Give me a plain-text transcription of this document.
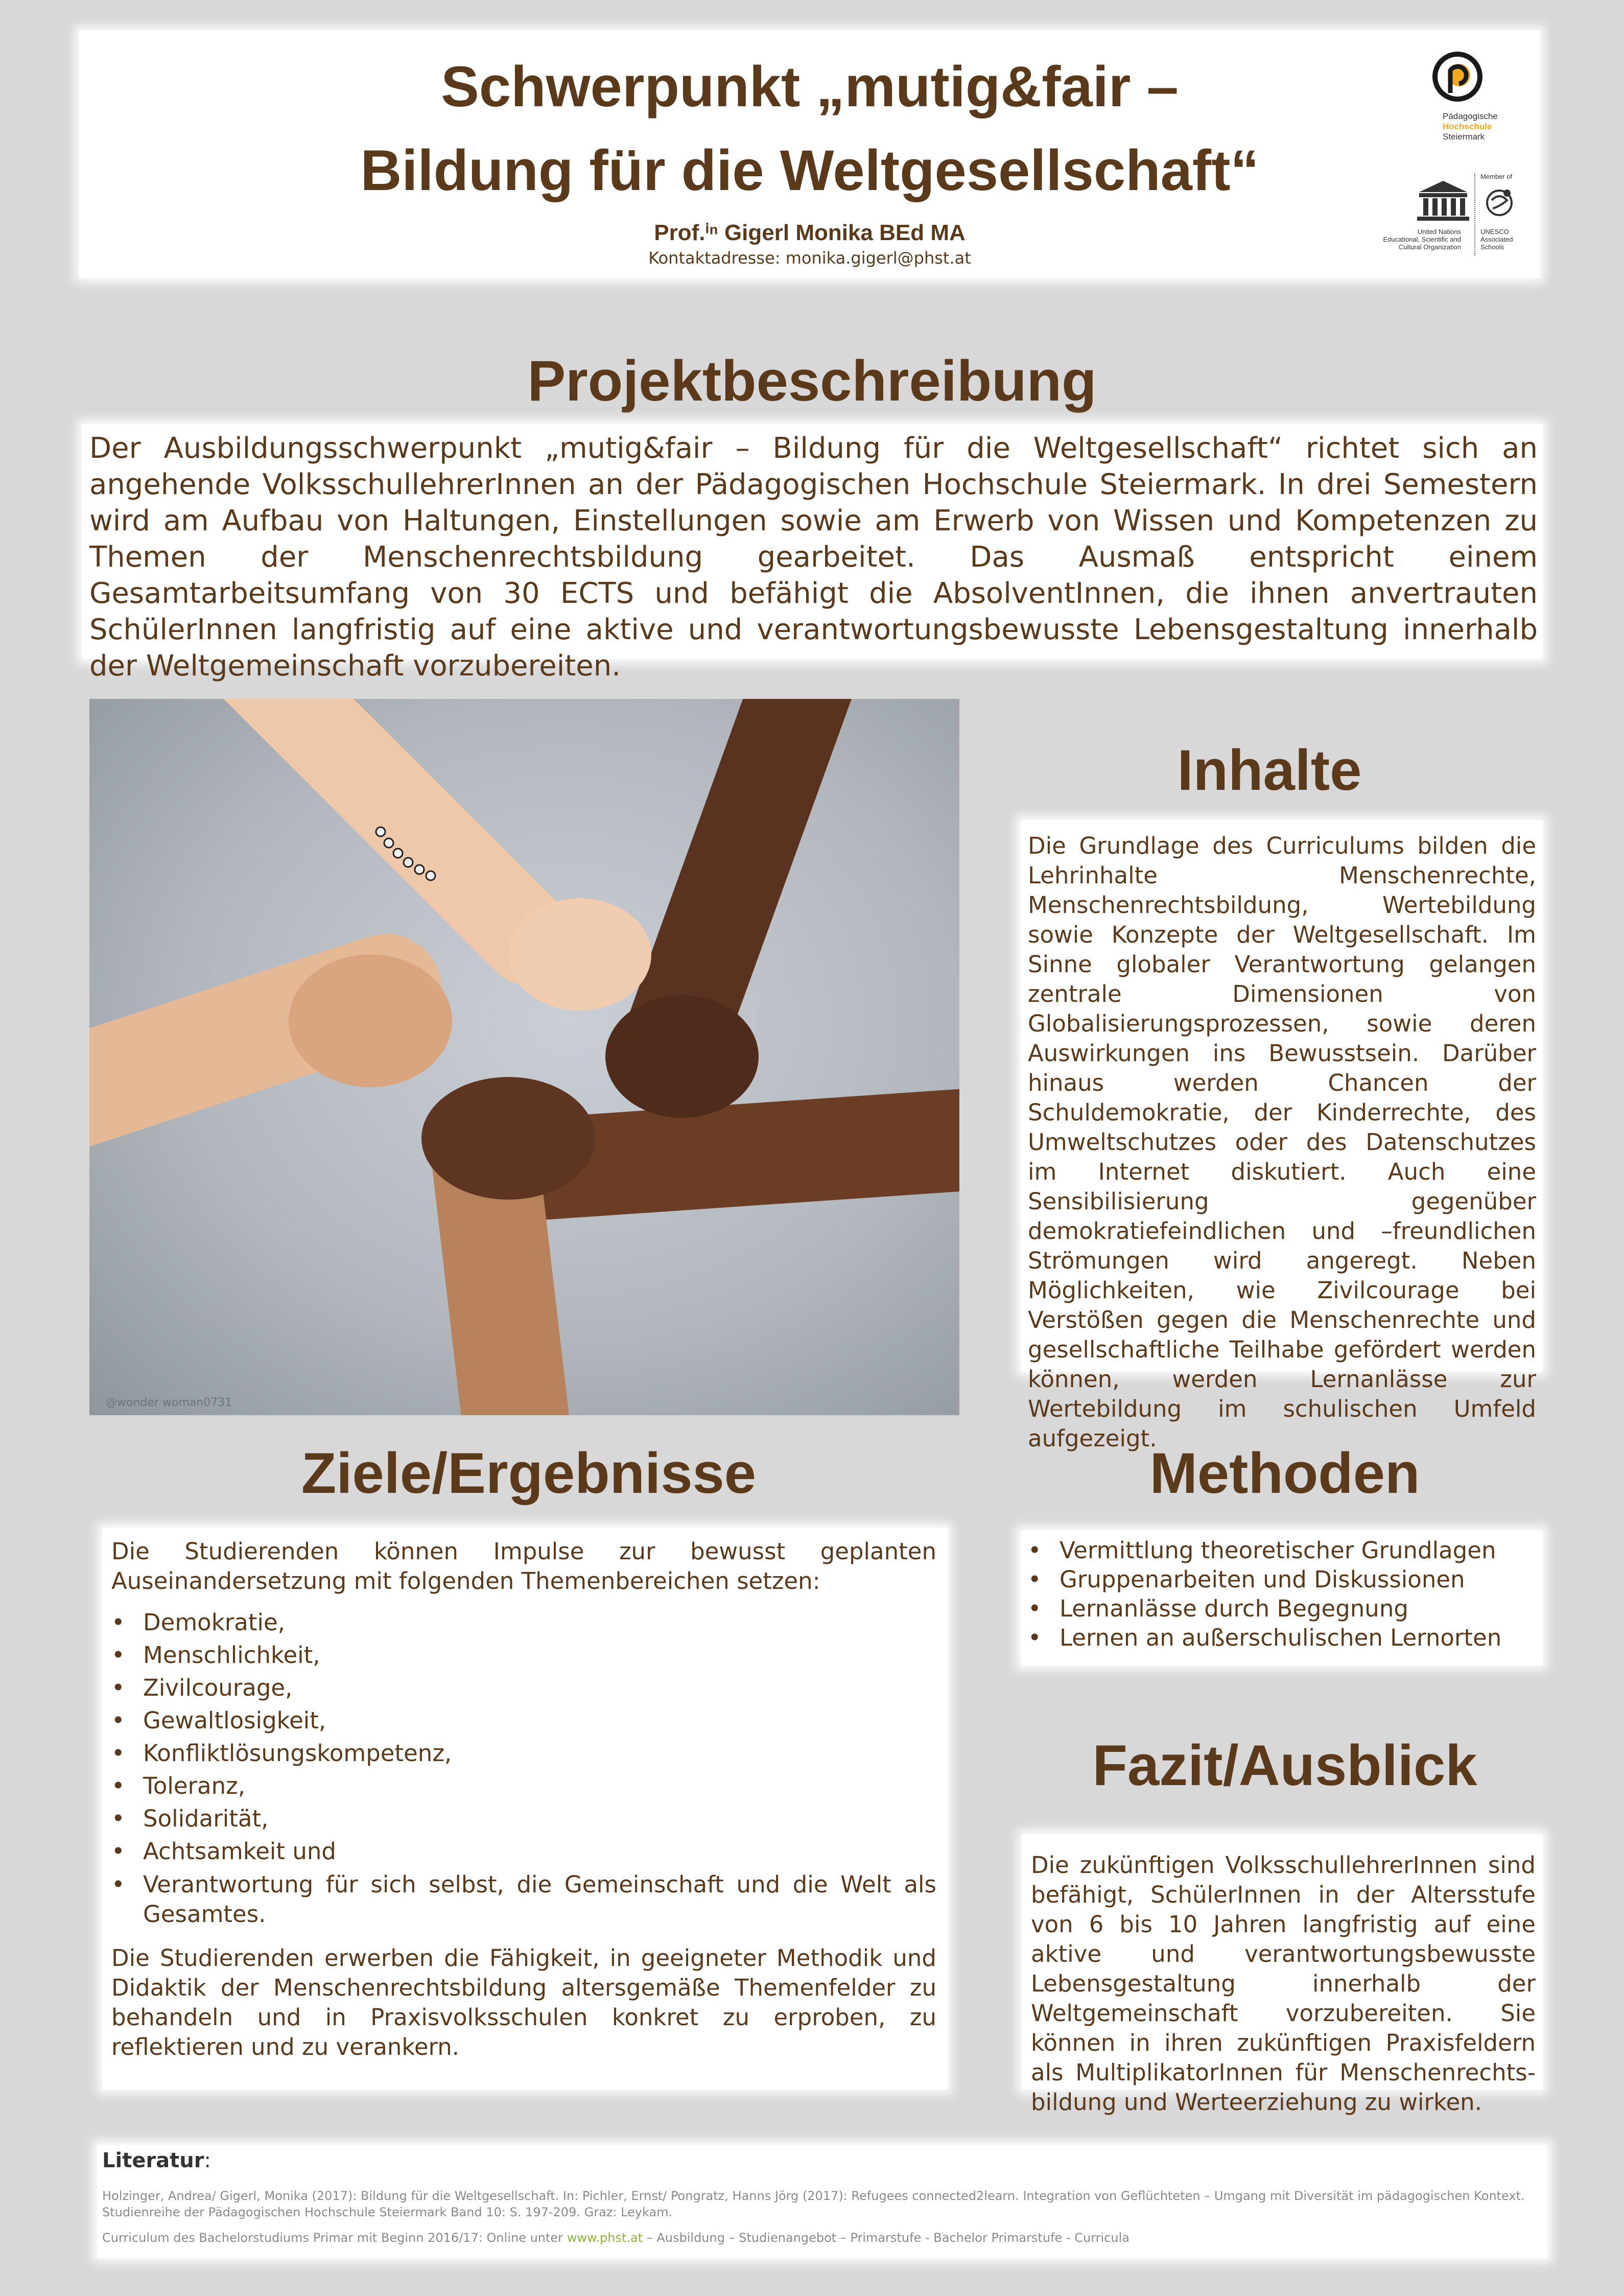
Schwerpunkt „mutig&fair –
Bildung für die Weltgesellschaft“
Prof.ⁱⁿ Gigerl Monika BEd MA
Kontaktadresse: monika.gigerl@phst.at
Pädagogische
Hochschule
Steiermark
United Nations
Educational, Scientific and
Cultural Organization
Member of
UNESCO
Associated
Schools
Projektbeschreibung
Der Ausbildungsschwerpunkt „mutig&fair – Bildung für die Weltgesellschaft“ richtet sich an angehende VolksschullehrerInnen an der Pädagogischen Hochschule Steiermark. In drei Semestern wird am Aufbau von Haltungen, Einstellungen sowie am Erwerb von Wissen und Kompetenzen zu Themen der Menschenrechtsbildung gearbeitet. Das Ausmaß entspricht einem Gesamtarbeitsumfang von 30 ECTS und befähigt die AbsolventInnen, die ihnen anvertrauten SchülerInnen langfristig auf eine aktive und verantwortungsbewusste Lebensgestaltung innerhalb der Weltgemeinschaft vorzubereiten.
@wonder woman0731
Inhalte
Die Grundlage des Curriculums bilden die Lehrinhalte Menschenrechte, Menschenrechtsbildung, Wertebildung sowie Konzepte der Weltgesellschaft. Im Sinne globaler Verantwortung gelangen zentrale Dimensionen von Globalisierungsprozessen, sowie deren Auswirkungen ins Bewusstsein. Darüber hinaus werden Chancen der Schuldemokratie, der Kinderrechte, des Umweltschutzes oder des Datenschutzes im Internet diskutiert. Auch eine Sensibilisierung gegenüber demokratiefeindlichen und –freundlichen Strömungen wird angeregt. Neben Möglichkeiten, wie Zivilcourage bei Verstößen gegen die Menschenrechte und gesellschaftliche Teilhabe gefördert werden können, werden Lernanlässe zur Wertebildung im schulischen Umfeld aufgezeigt.
Ziele/Ergebnisse
Die Studierenden können Impulse zur bewusst geplanten Auseinandersetzung mit folgenden Themenbereichen setzen:
• Demokratie,
• Menschlichkeit,
• Zivilcourage,
• Gewaltlosigkeit,
• Konfliktlösungskompetenz,
• Toleranz,
• Solidarität,
• Achtsamkeit und
• Verantwortung für sich selbst, die Gemeinschaft und die Welt als Gesamtes.
Die Studierenden erwerben die Fähigkeit, in geeigneter Methodik und Didaktik der Menschenrechtsbildung altersgemäße Themenfelder zu behandeln und in Praxisvolksschulen konkret zu erproben, zu reflektieren und zu verankern.
Methoden
• Vermittlung theoretischer Grundlagen
• Gruppenarbeiten und Diskussionen
• Lernanlässe durch Begegnung
• Lernen an außerschulischen Lernorten
Fazit/Ausblick
Die zukünftigen VolksschullehrerInnen sind befähigt, SchülerInnen in der Altersstufe von 6 bis 10 Jahren langfristig auf eine aktive und verantwortungsbewusste Lebensgestaltung innerhalb der Weltgemeinschaft vorzubereiten. Sie können in ihren zukünftigen Praxisfeldern als MultiplikatorInnen für Menschenrechts-bildung und Werteerziehung zu wirken.
Literatur:
Holzinger, Andrea/ Gigerl, Monika (2017): Bildung für die Weltgesellschaft. In: Pichler, Ernst/ Pongratz, Hanns Jörg (2017): Refugees connected2learn. Integration von Geflüchteten – Umgang mit Diversität im pädagogischen Kontext. Studienreihe der Pädagogischen Hochschule Steiermark Band 10: S. 197-209. Graz: Leykam.
Curriculum des Bachelorstudiums Primar mit Beginn 2016/17: Online unter www.phst.at – Ausbildung – Studienangebot – Primarstufe - Bachelor Primarstufe - Curricula
